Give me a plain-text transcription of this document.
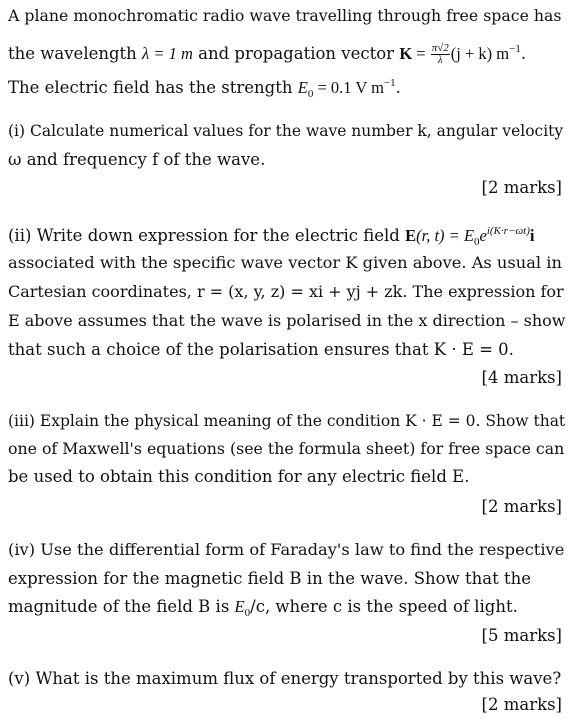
A plane monochromatic radio wave travelling through free space has
the wavelength λ = 1 m and propagation vector $K = \frac{\pi√2}{\lambda} (j + k)$ $m^{-1}$.
The electric field has the strength $E_0 = 0.1$ V $m^{-1}$.
(i) Calculate numerical values for the wave number k, angular velocity
ω and frequency f of the wave.
[2 marks]
(ii) Write down expression for the electric field E(r, $t) = E_0e^{i(K\cdot r-\omega t)}i$
associated with the specific wave vector K given above. As usual in
Cartesian coordinates, r = (x, y, z) = xi + yj + zk. The expression for
E above assumes that the wave is polarised in the x direction – show
that such a choice of the polarisation ensures that K · E = 0.
[4 marks]
(iii) Explain the physical meaning of the condition K · E = 0. Show that
one of Maxwell's equations (see the formula sheet) for free space can
be used to obtain this condition for any electric field E.
[2 marks]
(iv) Use the differential form of Faraday's law to find the respective
expression for the magnetic field B in the wave. Show that the
magnitude of the field B is $E_0/c$, where c is the speed of light.
[5 marks]
(v) What is the maximum flux of energy transported by this wave?
[2 marks]
